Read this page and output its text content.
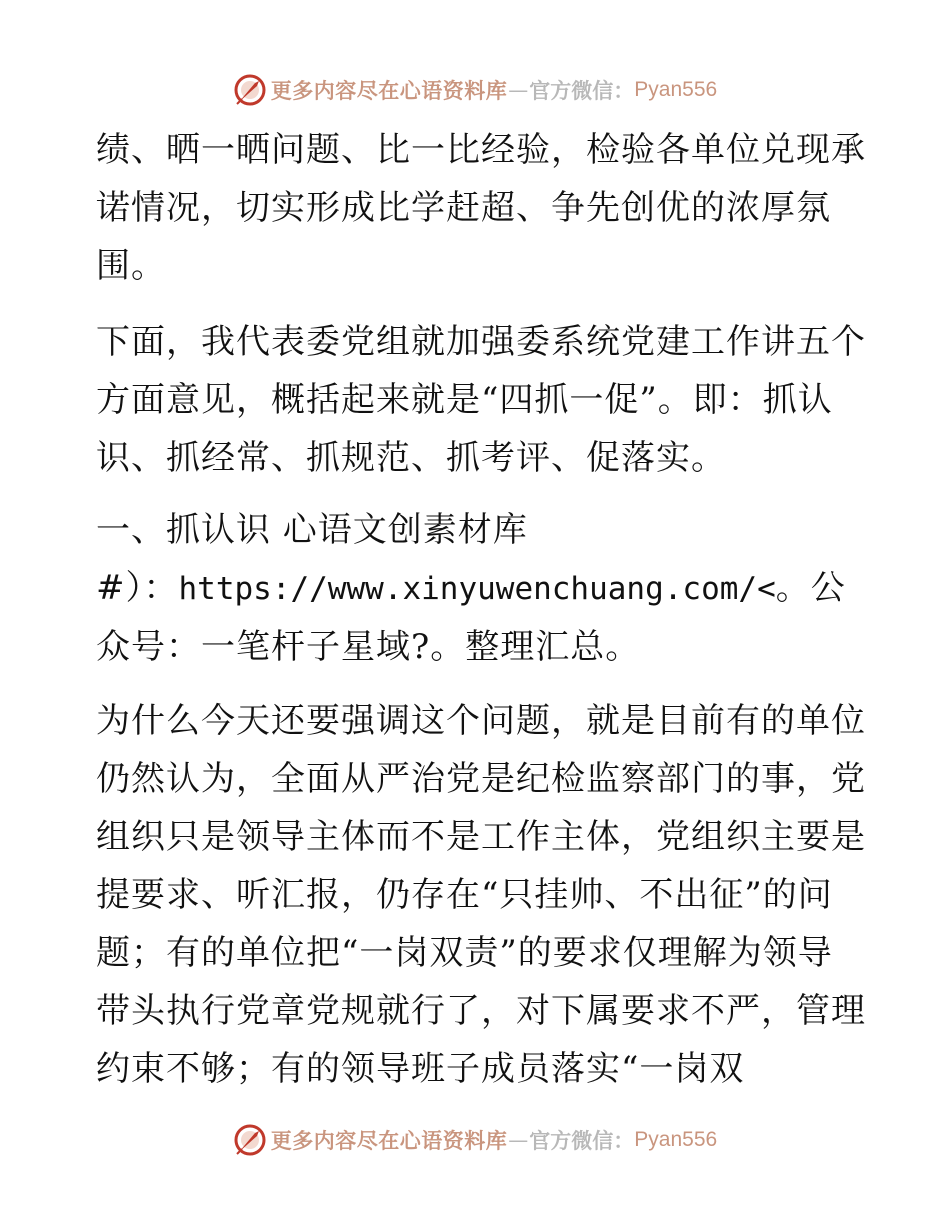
更多内容尽在心语资料库 — 官方微信： Pyan556

绩、晒一晒问题、比一比经验，检验各单位兑现承诺情况，切实形成比学赶超、争先创优的浓厚氛围。

下面，我代表委党组就加强委系统党建工作讲五个方面意见，概括起来就是“四抓一促”。即：抓认识、抓经常、抓规范、抓考评、促落实。

一、抓认识 心语文创素材库
#）：https://www.xinyuwenchuang.com/<。公众号：一笔杆子星域?。整理汇总。

为什么今天还要强调这个问题，就是目前有的单位仍然认为，全面从严治党是纪检监察部门的事，党组织只是领导主体而不是工作主体，党组织主要是提要求、听汇报，仍存在“只挂帅、不出征”的问题；有的单位把“一岗双责”的要求仅理解为领导带头执行党章党规就行了，对下属要求不严，管理约束不够；有的领导班子成员落实“一岗双

更多内容尽在心语资料库 — 官方微信： Pyan556
